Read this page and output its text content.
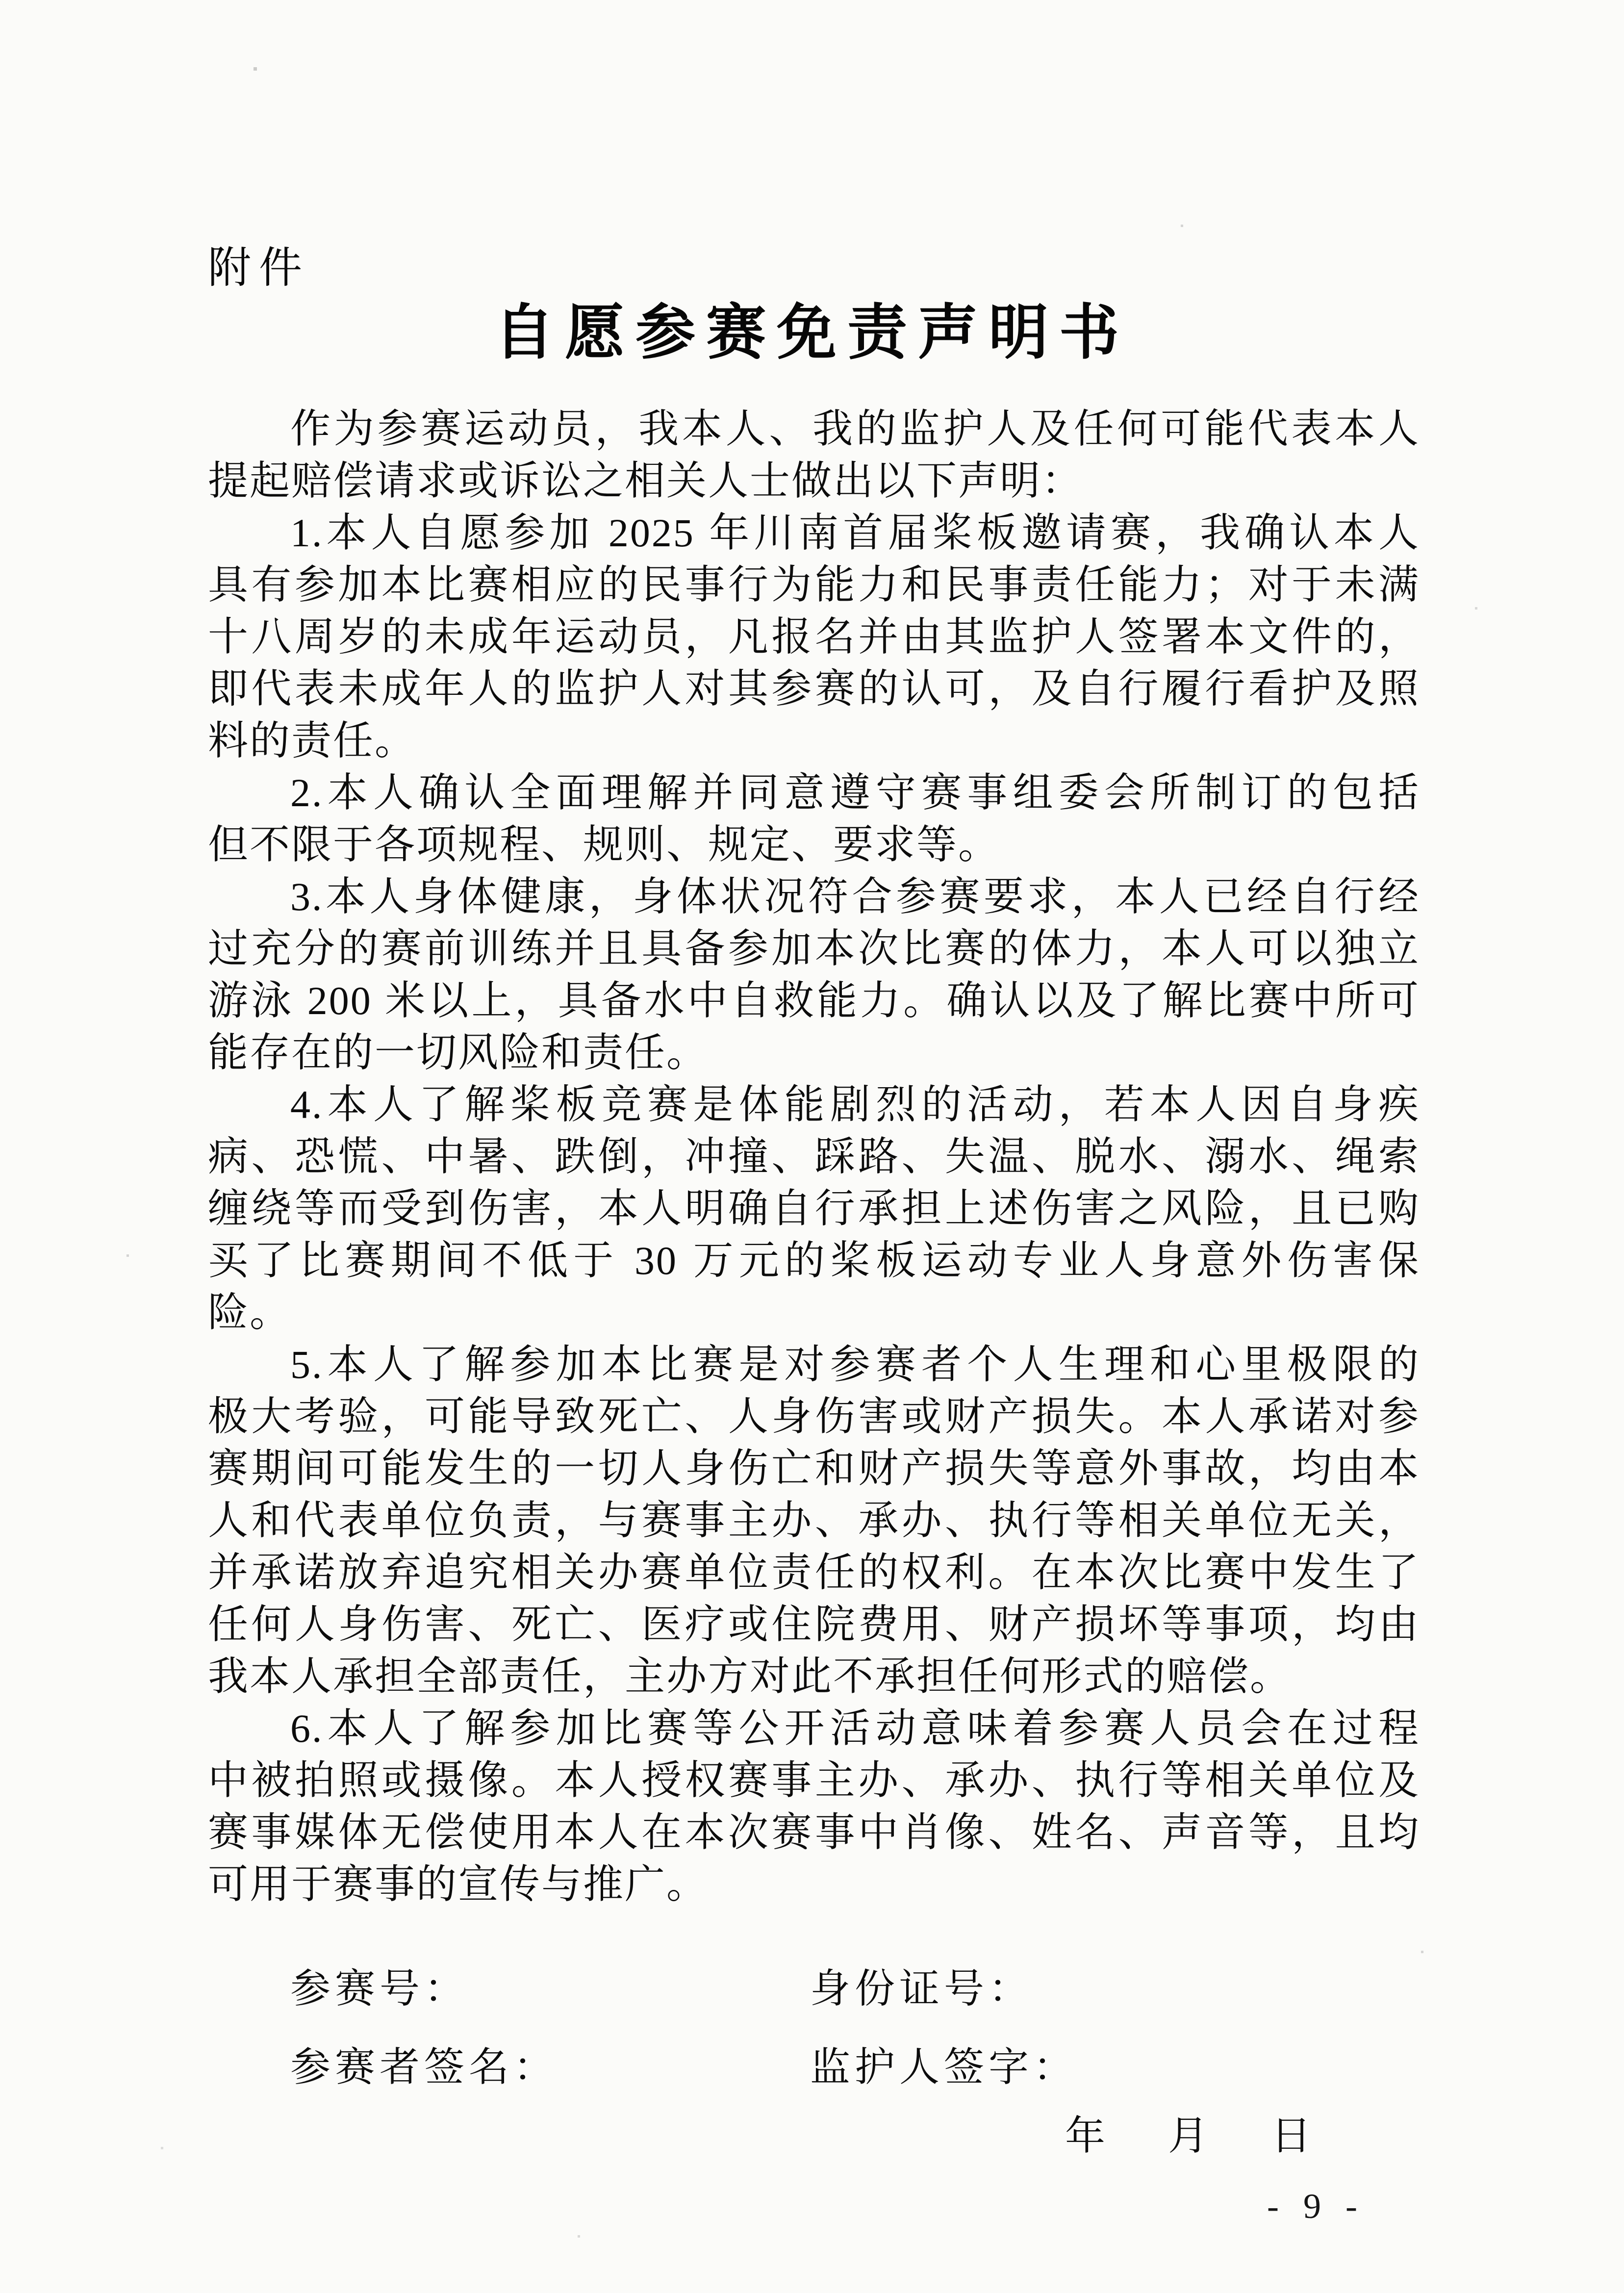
附件
自愿参赛免责声明书
作为参赛运动员，我本人、我的监护人及任何可能代表本人
提起赔偿请求或诉讼之相关人士做出以下声明：
1.本人自愿参加 2025 年川南首届桨板邀请赛，我确认本人
具有参加本比赛相应的民事行为能力和民事责任能力；对于未满
十八周岁的未成年运动员，凡报名并由其监护人签署本文件的，
即代表未成年人的监护人对其参赛的认可，及自行履行看护及照
料的责任。
2.本人确认全面理解并同意遵守赛事组委会所制订的包括
但不限于各项规程、规则、规定、要求等。
3.本人身体健康，身体状况符合参赛要求，本人已经自行经
过充分的赛前训练并且具备参加本次比赛的体力，本人可以独立
游泳 200 米以上，具备水中自救能力。确认以及了解比赛中所可
能存在的一切风险和责任。
4.本人了解桨板竞赛是体能剧烈的活动，若本人因自身疾
病、恐慌、中暑、跌倒，冲撞、踩路、失温、脱水、溺水、绳索
缠绕等而受到伤害，本人明确自行承担上述伤害之风险，且已购
买了比赛期间不低于 30 万元的桨板运动专业人身意外伤害保
险。
5.本人了解参加本比赛是对参赛者个人生理和心里极限的
极大考验，可能导致死亡、人身伤害或财产损失。本人承诺对参
赛期间可能发生的一切人身伤亡和财产损失等意外事故，均由本
人和代表单位负责，与赛事主办、承办、执行等相关单位无关，
并承诺放弃追究相关办赛单位责任的权利。在本次比赛中发生了
任何人身伤害、死亡、医疗或住院费用、财产损坏等事项，均由
我本人承担全部责任，主办方对此不承担任何形式的赔偿。
6.本人了解参加比赛等公开活动意味着参赛人员会在过程
中被拍照或摄像。本人授权赛事主办、承办、执行等相关单位及
赛事媒体无偿使用本人在本次赛事中肖像、姓名、声音等，且均
可用于赛事的宣传与推广。
参赛号：	身份证号：
参赛者签名：	监护人签字：
年 月 日
- 9 -
